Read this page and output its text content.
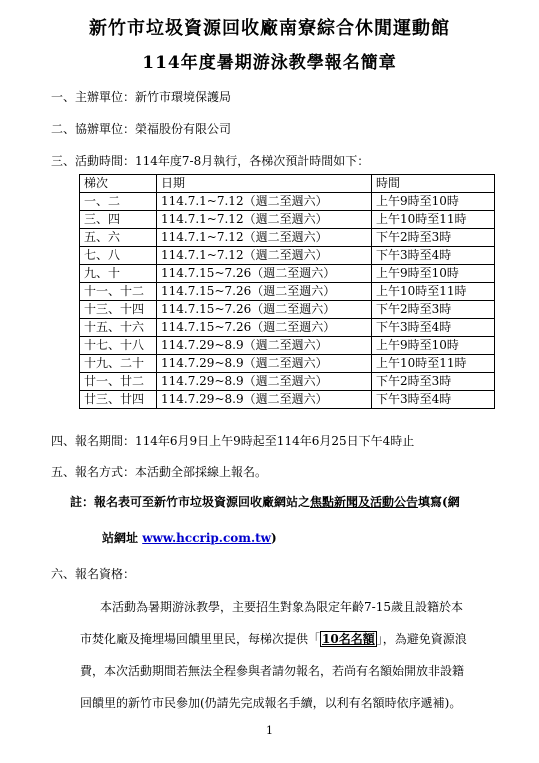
新竹市垃圾資源回收廠南寮綜合休閒運動館
114年度暑期游泳教學報名簡章
一、主辦單位：新竹市環境保護局
二、協辦單位：榮福股份有限公司
三、活動時間：114年度7-8月執行，各梯次預計時間如下：
梯次	日期	時間
一、二	114.7.1~7.12（週二至週六）	上午9時至10時
三、四	114.7.1~7.12（週二至週六）	上午10時至11時
五、六	114.7.1~7.12（週二至週六）	下午2時至3時
七、八	114.7.1~7.12（週二至週六）	下午3時至4時
九、十	114.7.15~7.26（週二至週六）	上午9時至10時
十一、十二	114.7.15~7.26（週二至週六）	上午10時至11時
十三、十四	114.7.15~7.26（週二至週六）	下午2時至3時
十五、十六	114.7.15~7.26（週二至週六）	下午3時至4時
十七、十八	114.7.29~8.9（週二至週六）	上午9時至10時
十九、二十	114.7.29~8.9（週二至週六）	上午10時至11時
廿一、廿二	114.7.29~8.9（週二至週六）	下午2時至3時
廿三、廿四	114.7.29~8.9（週二至週六）	下午3時至4時
四、報名期間：114年6月9日上午9時起至114年6月25日下午4時止
五、報名方式：本活動全部採線上報名。
註：報名表可至新竹市垃圾資源回收廠網站之焦點新聞及活動公告填寫(網
站網址 www.hccrip.com.tw)
六、報名資格：
本活動為暑期游泳教學，主要招生對象為限定年齡7-15歲且設籍於本
市焚化廠及掩埋場回饋里里民，每梯次提供「 10名名額 」，為避免資源浪
費，本次活動期間若無法全程參與者請勿報名，若尚有名額始開放非設籍
回饋里的新竹市民參加(仍請先完成報名手續，以利有名額時依序遞補)。
1
